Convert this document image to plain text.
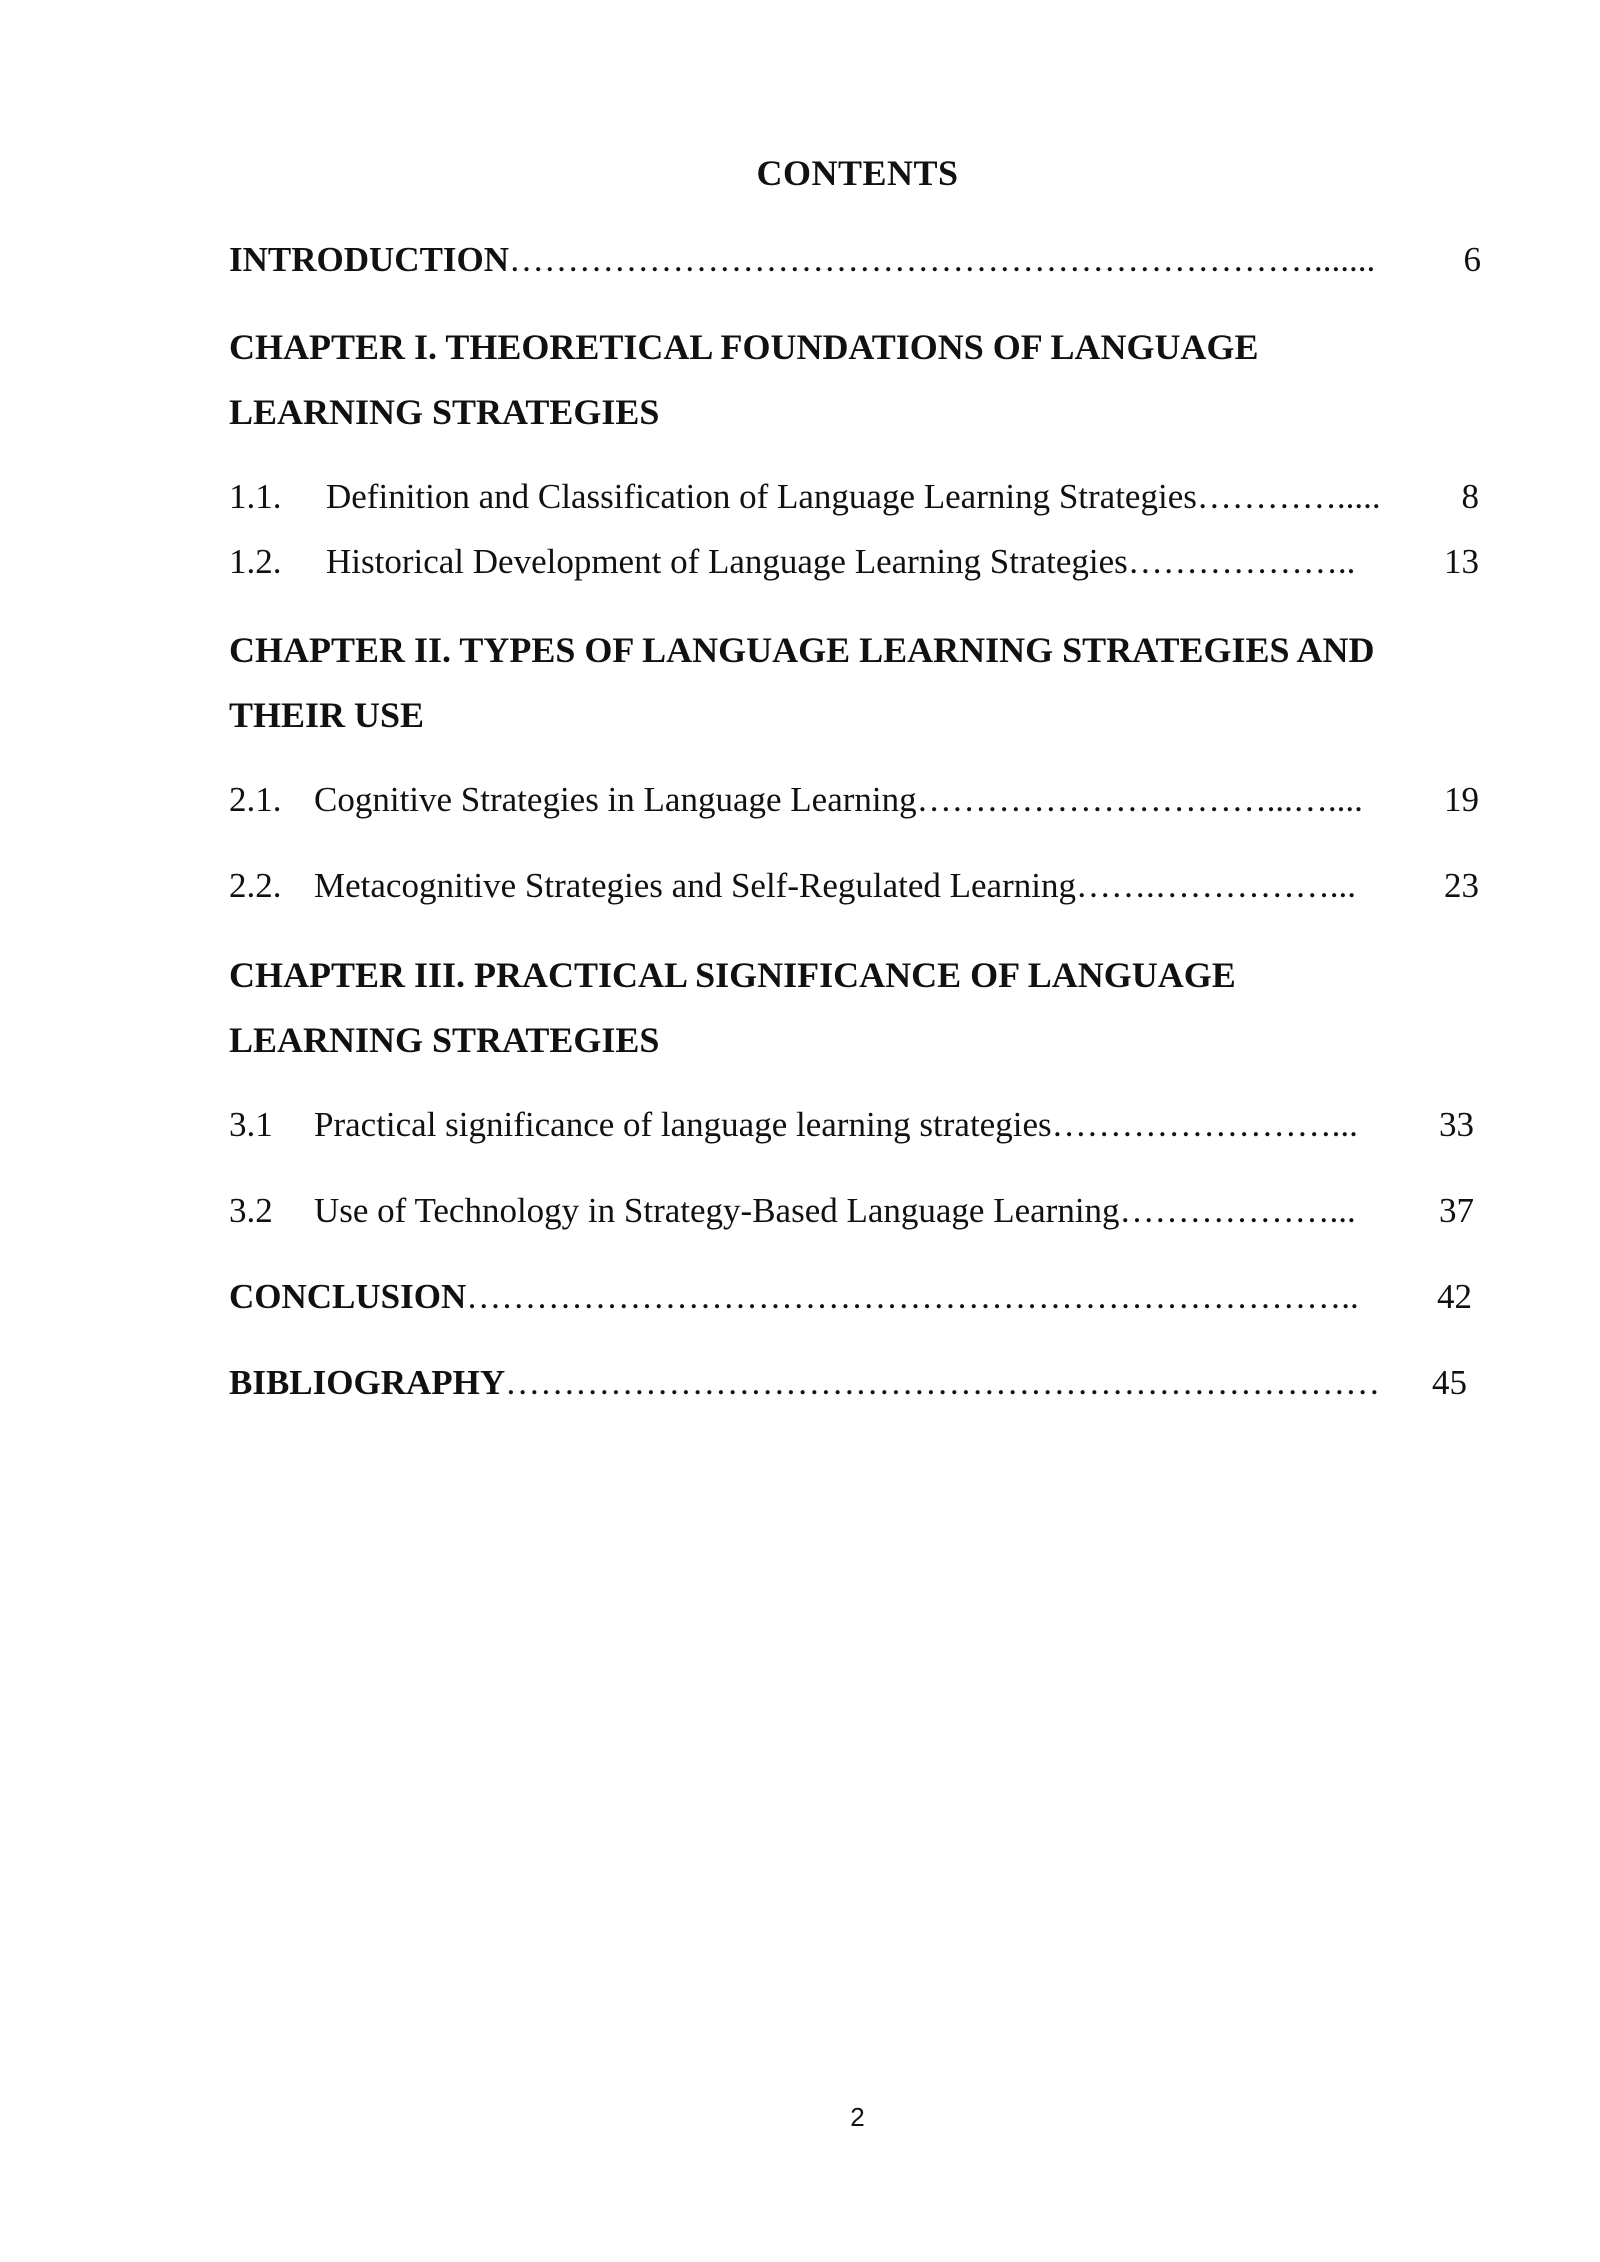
CONTENTS
INTRODUCTION …………………………………………………………….......	6
CHAPTER I. THEORETICAL FOUNDATIONS OF LANGUAGE
LEARNING STRATEGIES
1.1. Definition and Classification of Language Learning Strategies ………….....	8
1.2. Historical Development of Language Learning Strategies ………………..	13
CHAPTER II. TYPES OF LANGUAGE LEARNING STRATEGIES AND
THEIR USE
2.1. Cognitive Strategies in Language Learning …………………………...…....	19
2.2. Metacognitive Strategies and Self-Regulated Learning …….……………...	23
CHAPTER III. PRACTICAL SIGNIFICANCE OF LANGUAGE
LEARNING STRATEGIES
3.1 Practical significance of language learning strategies ……………………...	33
3.2 Use of Technology in Strategy-Based Language Learning ………………...	37
CONCLUSION …………………………………………………………………..	42
BIBLIOGRAPHY …………………………………………………………………	45
2
